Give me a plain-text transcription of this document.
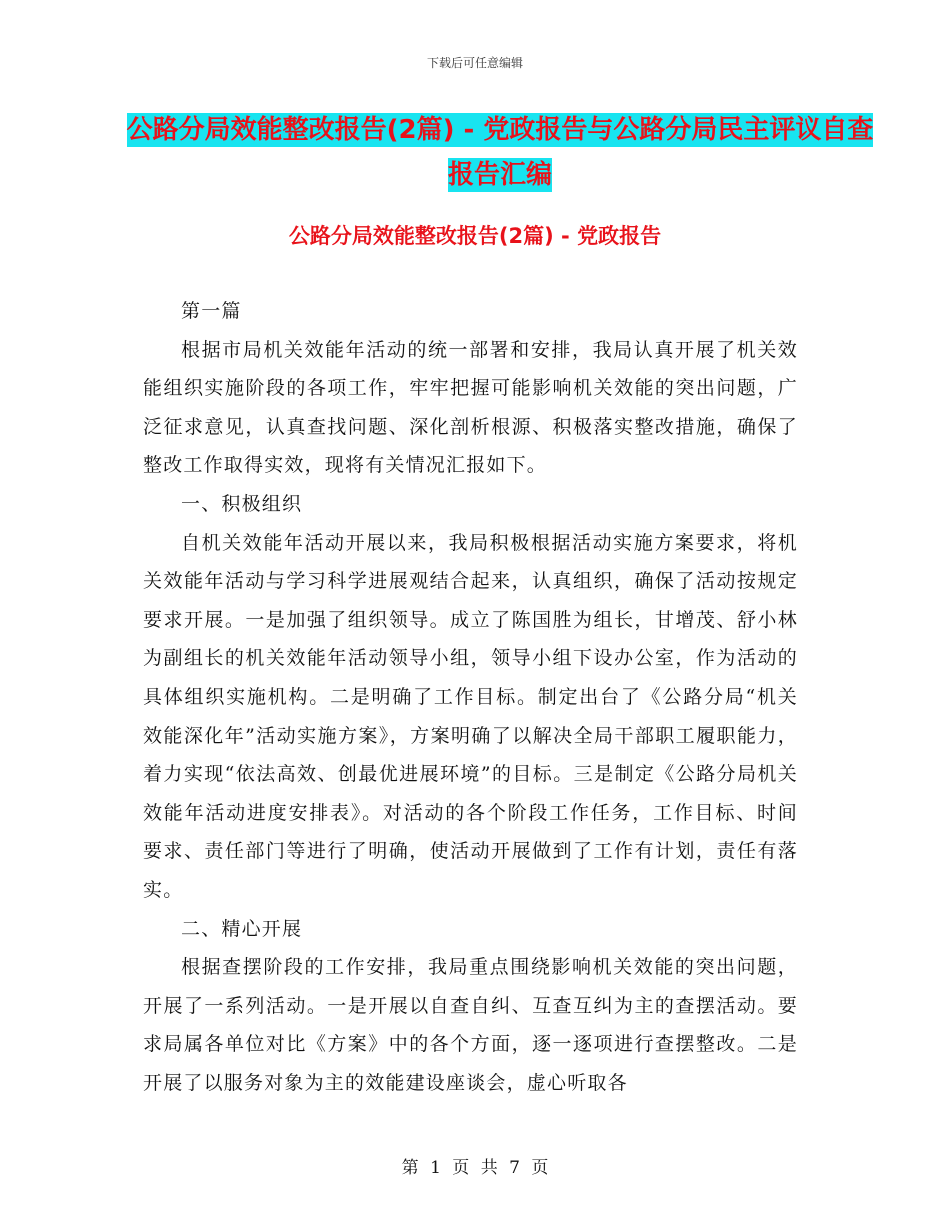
下载后可任意编辑
公路分局效能整改报告(2篇) - 党政报告与公路分局民主评议自查报告汇编
公路分局效能整改报告(2篇) - 党政报告

第一篇

根据市局机关效能年活动的统一部署和安排，我局认真开展了机关效能组织实施阶段的各项工作，牢牢把握可能影响机关效能的突出问题，广泛征求意见，认真查找问题、深化剖析根源、积极落实整改措施，确保了整改工作取得实效，现将有关情况汇报如下。

一、积极组织

自机关效能年活动开展以来，我局积极根据活动实施方案要求，将机关效能年活动与学习科学进展观结合起来，认真组织，确保了活动按规定要求开展。一是加强了组织领导。成立了陈国胜为组长，甘增茂、舒小林为副组长的机关效能年活动领导小组，领导小组下设办公室，作为活动的具体组织实施机构。二是明确了工作目标。制定出台了《公路分局“机关效能深化年”活动实施方案》，方案明确了以解决全局干部职工履职能力，着力实现“依法高效、创最优进展环境”的目标。三是制定《公路分局机关效能年活动进度安排表》。对活动的各个阶段工作任务，工作目标、时间要求、责任部门等进行了明确，使活动开展做到了工作有计划，责任有落实。

二、精心开展

根据查摆阶段的工作安排，我局重点围绕影响机关效能的突出问题，开展了一系列活动。一是开展以自查自纠、互查互纠为主的查摆活动。要求局属各单位对比《方案》中的各个方面，逐一逐项进行查摆整改。二是开展了以服务对象为主的效能建设座谈会，虚心听取各

第 1 页 共 7 页
